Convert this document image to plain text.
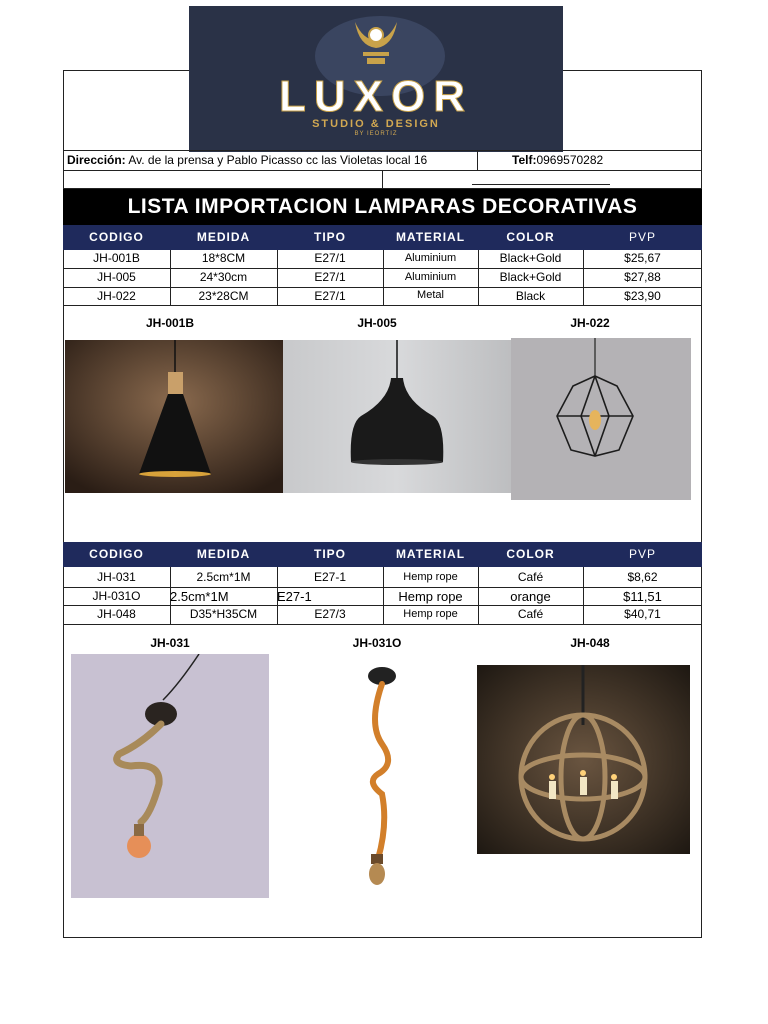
LUXOR
STUDIO & DESIGN
BY IEORTIZ
Dirección: Av. de la prensa y Pablo Picasso cc las Violetas local 16	Telf:0969570282
LISTA IMPORTACION LAMPARAS DECORATIVAS
CODIGO	MEDIDA	TIPO	MATERIAL	COLOR	PVP
JH-001B	18*8CM	E27/1	Aluminium	Black+Gold	$25,67
JH-005	24*30cm	E27/1	Aluminium	Black+Gold	$27,88
JH-022	23*28CM	E27/1	Metal	Black	$23,90
JH-001B	JH-005	JH-022
CODIGO	MEDIDA	TIPO	MATERIAL	COLOR	PVP
JH-031	2.5cm*1M	E27-1	Hemp rope	Café	$8,62
JH-031O	2.5cm*1M	E27-1	Hemp rope	orange	$11,51
JH-048	D35*H35CM	E27/3	Hemp rope	Café	$40,71
JH-031	JH-031O	JH-048
